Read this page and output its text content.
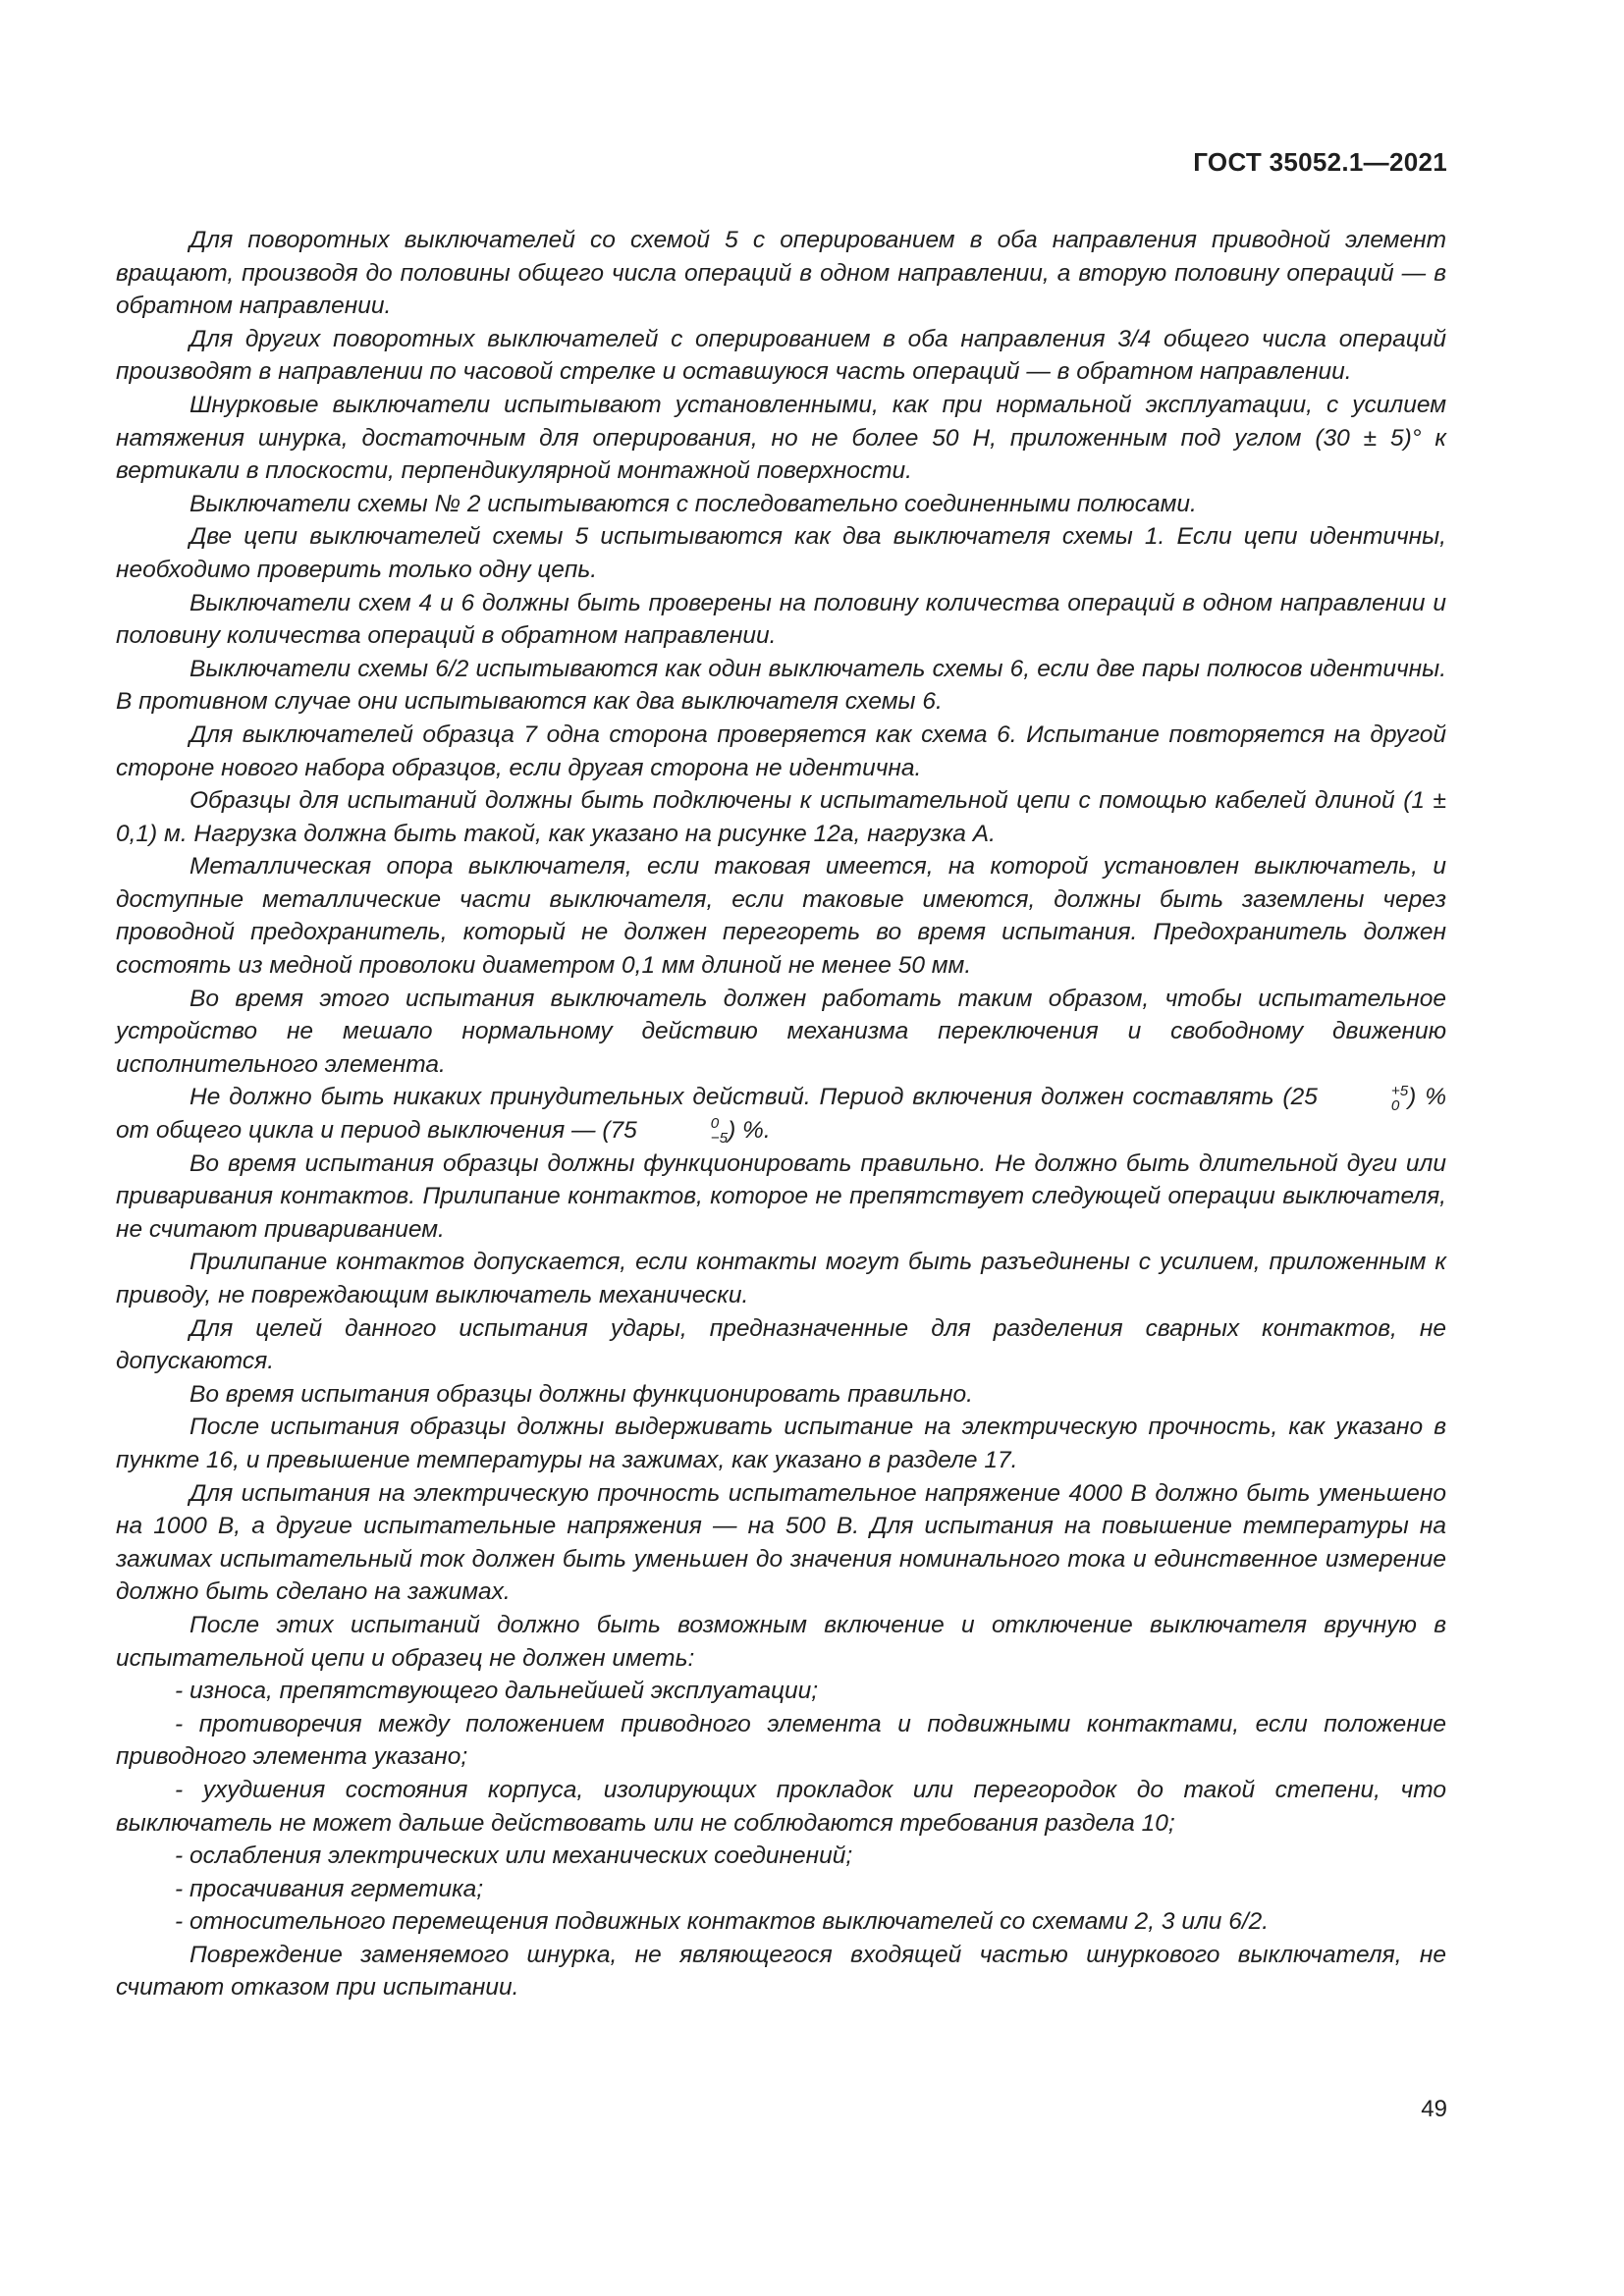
ГОСТ 35052.1—2021

Для поворотных выключателей со схемой 5 с оперированием в оба направления приводной элемент вращают, производя до половины общего числа операций в одном направлении, а вторую половину операций — в обратном направлении.

Для других поворотных выключателей с оперированием в оба направления 3/4 общего числа операций производят в направлении по часовой стрелке и оставшуюся часть операций — в обратном направлении.

Шнурковые выключатели испытывают установленными, как при нормальной эксплуатации, с усилием натяжения шнурка, достаточным для оперирования, но не более 50 Н, приложенным под углом (30 ± 5)° к вертикали в плоскости, перпендикулярной монтажной поверхности.

Выключатели схемы № 2 испытываются с последовательно соединенными полюсами.

Две цепи выключателей схемы 5 испытываются как два выключателя схемы 1. Если цепи идентичны, необходимо проверить только одну цепь.

Выключатели схем 4 и 6 должны быть проверены на половину количества операций в одном направлении и половину количества операций в обратном направлении.

Выключатели схемы 6/2 испытываются как один выключатель схемы 6, если две пары полюсов идентичны. В противном случае они испытываются как два выключателя схемы 6.

Для выключателей образца 7 одна сторона проверяется как схема 6. Испытание повторяется на другой стороне нового набора образцов, если другая сторона не идентична.

Образцы для испытаний должны быть подключены к испытательной цепи с помощью кабелей длиной (1 ± 0,1) м. Нагрузка должна быть такой, как указано на рисунке 12а, нагрузка А.

Металлическая опора выключателя, если таковая имеется, на которой установлен выключатель, и доступные металлические части выключателя, если таковые имеются, должны быть заземлены через проводной предохранитель, который не должен перегореть во время испытания. Предохранитель должен состоять из медной проволоки диаметром 0,1 мм длиной не менее 50 мм.

Во время этого испытания выключатель должен работать таким образом, чтобы испытательное устройство не мешало нормальному действию механизма переключения и свободному движению исполнительного элемента.

Не должно быть никаких принудительных действий. Период включения должен составлять (25	+5
0 ) % от общего цикла и период выключения — (75	0
−5 ) %.

Во время испытания образцы должны функционировать правильно. Не должно быть длительной дуги или приваривания контактов. Прилипание контактов, которое не препятствует следующей операции выключателя, не считают привариванием.

Прилипание контактов допускается, если контакты могут быть разъединены с усилием, приложенным к приводу, не повреждающим выключатель механически.

Для целей данного испытания удары, предназначенные для разделения сварных контактов, не допускаются.

Во время испытания образцы должны функционировать правильно.

После испытания образцы должны выдерживать испытание на электрическую прочность, как указано в пункте 16, и превышение температуры на зажимах, как указано в разделе 17.

Для испытания на электрическую прочность испытательное напряжение 4000 В должно быть уменьшено на 1000 В, а другие испытательные напряжения — на 500 В. Для испытания на повышение температуры на зажимах испытательный ток должен быть уменьшен до значения номинального тока и единственное измерение должно быть сделано на зажимах.

После этих испытаний должно быть возможным включение и отключение выключателя вручную в испытательной цепи и образец не должен иметь:

- износа, препятствующего дальнейшей эксплуатации;

- противоречия между положением приводного элемента и подвижными контактами, если положение приводного элемента указано;

- ухудшения состояния корпуса, изолирующих прокладок или перегородок до такой степени, что выключатель не может дальше действовать или не соблюдаются требования раздела 10;

- ослабления электрических или механических соединений;

- просачивания герметика;

- относительного перемещения подвижных контактов выключателей со схемами 2, 3 или 6/2.

Повреждение заменяемого шнурка, не являющегося входящей частью шнуркового выключателя, не считают отказом при испытании.

49
